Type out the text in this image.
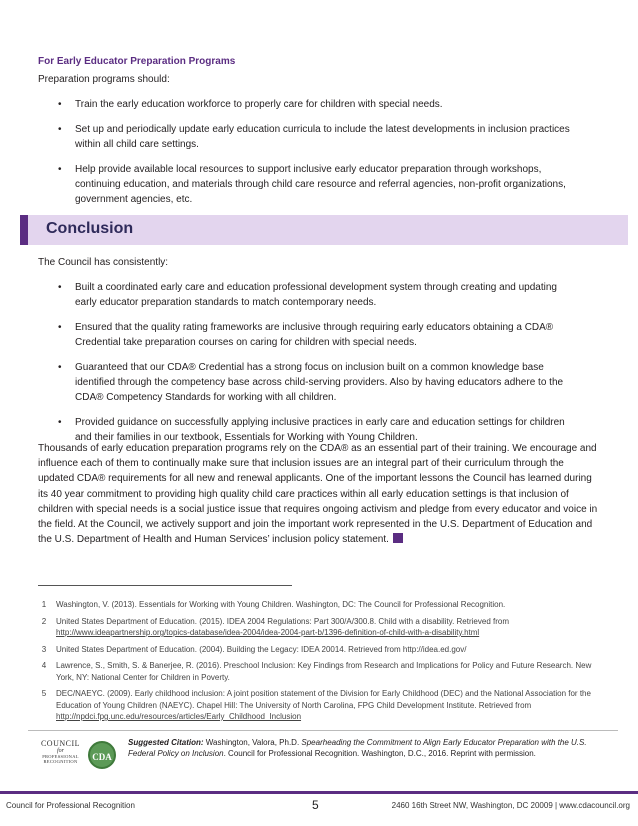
For Early Educator Preparation Programs
Preparation programs should:
• Train the early education workforce to properly care for children with special needs.
• Set up and periodically update early education curricula to include the latest developments in inclusion practices within all child care settings.
• Help provide available local resources to support inclusive early educator preparation through workshops, continuing education, and materials through child care resource and referral agencies, non-profit organizations, government agencies, etc.
Conclusion
The Council has consistently:
• Built a coordinated early care and education professional development system through creating and updating early educator preparation standards to match contemporary needs.
• Ensured that the quality rating frameworks are inclusive through requiring early educators obtaining a CDA® Credential take preparation courses on caring for children with special needs.
• Guaranteed that our CDA® Credential has a strong focus on inclusion built on a common knowledge base identified through the competency base across child-serving providers. Also by having educators adhere to the CDA® Competency Standards for working with all children.
• Provided guidance on successfully applying inclusive practices in early care and education settings for children and their families in our textbook, Essentials for Working with Young Children.
Thousands of early education preparation programs rely on the CDA® as an essential part of their training. We encourage and influence each of them to continually make sure that inclusion issues are an integral part of their curriculum through the updated CDA® requirements for all new and renewal applicants. One of the important lessons the Council has learned during its 40 year commitment to providing high quality child care practices within all early education settings is that inclusion of children with special needs is a social justice issue that requires ongoing activism and pledge from every educator and voice in the field. At the Council, we actively support and join the important work represented in the U.S. Department of Education and the U.S. Department of Health and Human Services’ inclusion policy statement.
1	Washington, V. (2013). Essentials for Working with Young Children. Washington, DC: The Council for Professional Recognition.
2	United States Department of Education. (2015). IDEA 2004 Regulations: Part 300/A/300.8. Child with a disability. Retrieved from http://www.ideapartnership.org/topics-database/idea-2004/idea-2004-part-b/1396-definition-of-child-with-a-disability.html
3	United States Department of Education. (2004). Building the Legacy: IDEA 20014. Retrieved from http://idea.ed.gov/
4	Lawrence, S., Smith, S. & Banerjee, R. (2016). Preschool Inclusion: Key Findings from Research and Implications for Policy and Future Research. New York, NY: National Center for Children in Poverty.
5	DEC/NAEYC. (2009). Early childhood inclusion: A joint position statement of the Division for Early Childhood (DEC) and the National Association for the Education of Young Children (NAEYC). Chapel Hill: The University of North Carolina, FPG Child Development Institute. Retrieved from http://npdci.fpg.unc.edu/resources/articles/Early_Childhood_Inclusion
COUNCIL
for
PROFESSIONAL
RECOGNITION	CDA
Suggested Citation: Washington, Valora, Ph.D. Spearheading the Commitment to Align Early Educator Preparation with the U.S. Federal Policy on Inclusion. Council for Professional Recognition. Washington, D.C., 2016. Reprint with permission.
Council for Professional Recognition	5	2460 16th Street NW, Washington, DC 20009 | www.cdacouncil.org
